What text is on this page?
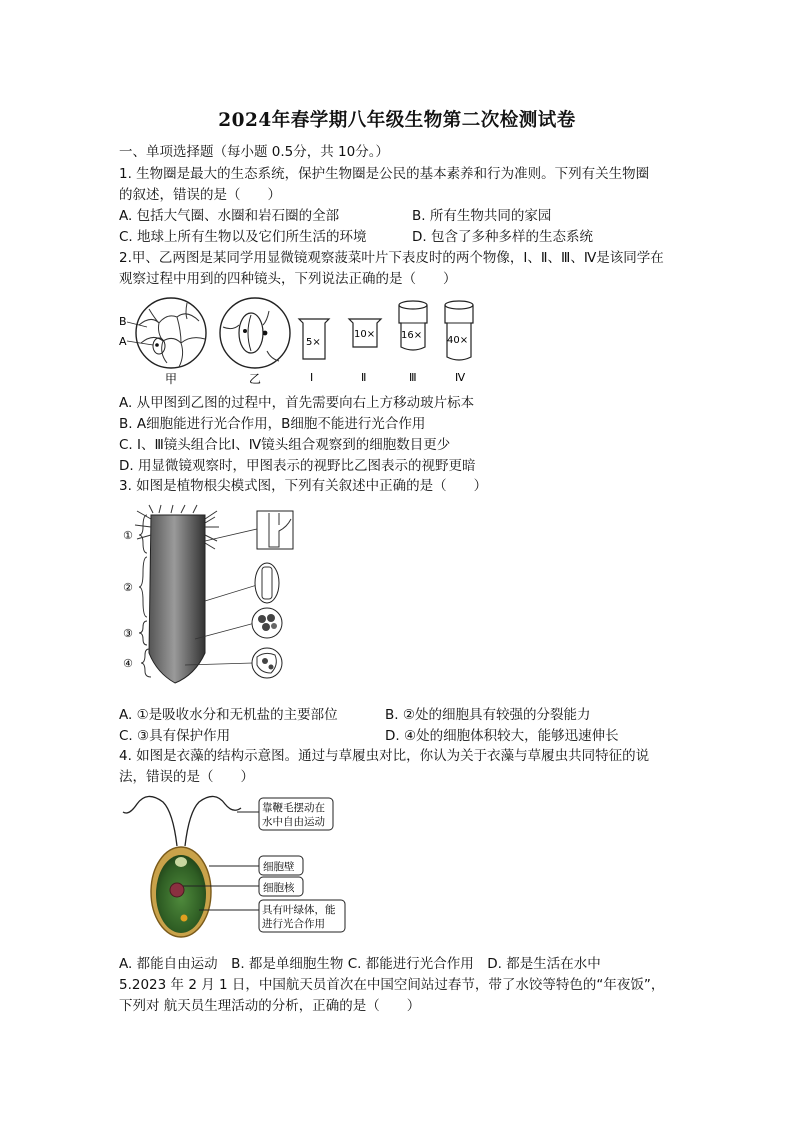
2024年春学期八年级生物第二次检测试卷
一、单项选择题（每小题 0.5分，共 10分。）
1. 生物圈是最大的生态系统，保护生物圈是公民的基本素养和行为准则。下列有关生物圈
的叙述，错误的是（　　）
A. 包括大气圈、水圈和岩石圈的全部	B. 所有生物共同的家园
C. 地球上所有生物以及它们所生活的环境	D. 包含了多种多样的生态系统
2.甲、乙两图是某同学用显微镜观察菠菜叶片下表皮时的两个物像，Ⅰ、Ⅱ、Ⅲ、Ⅳ是该同学在
观察过程中用到的四种镜头，下列说法正确的是（　　）
B
A
甲	乙
5×
Ⅰ
10×
Ⅱ
16×
Ⅲ
40×
Ⅳ
A. 从甲图到乙图的过程中，首先需要向右上方移动玻片标本
B. A细胞能进行光合作用，B细胞不能进行光合作用
C. Ⅰ、Ⅲ镜头组合比Ⅰ、Ⅳ镜头组合观察到的细胞数目更少
D. 用显微镜观察时，甲图表示的视野比乙图表示的视野更暗
3. 如图是植物根尖模式图，下列有关叙述中正确的是（　　）
①
②
③
④
A. ①是吸收水分和无机盐的主要部位	B. ②处的细胞具有较强的分裂能力
C. ③具有保护作用	D. ④处的细胞体积较大，能够迅速伸长
4. 如图是衣藻的结构示意图。通过与草履虫对比，你认为关于衣藻与草履虫共同特征的说
法，错误的是（　　）
靠鞭毛摆动在
水中自由运动
细胞壁
细胞核
具有叶绿体，能
进行光合作用
A. 都能自由运动　B. 都是单细胞生物 C. 都能进行光合作用　D. 都是生活在水中
5.2023 年 2 月 1 日，中国航天员首次在中国空间站过春节，带了水饺等特色的“年夜饭”，
下列对 航天员生理活动的分析，正确的是（　　）
